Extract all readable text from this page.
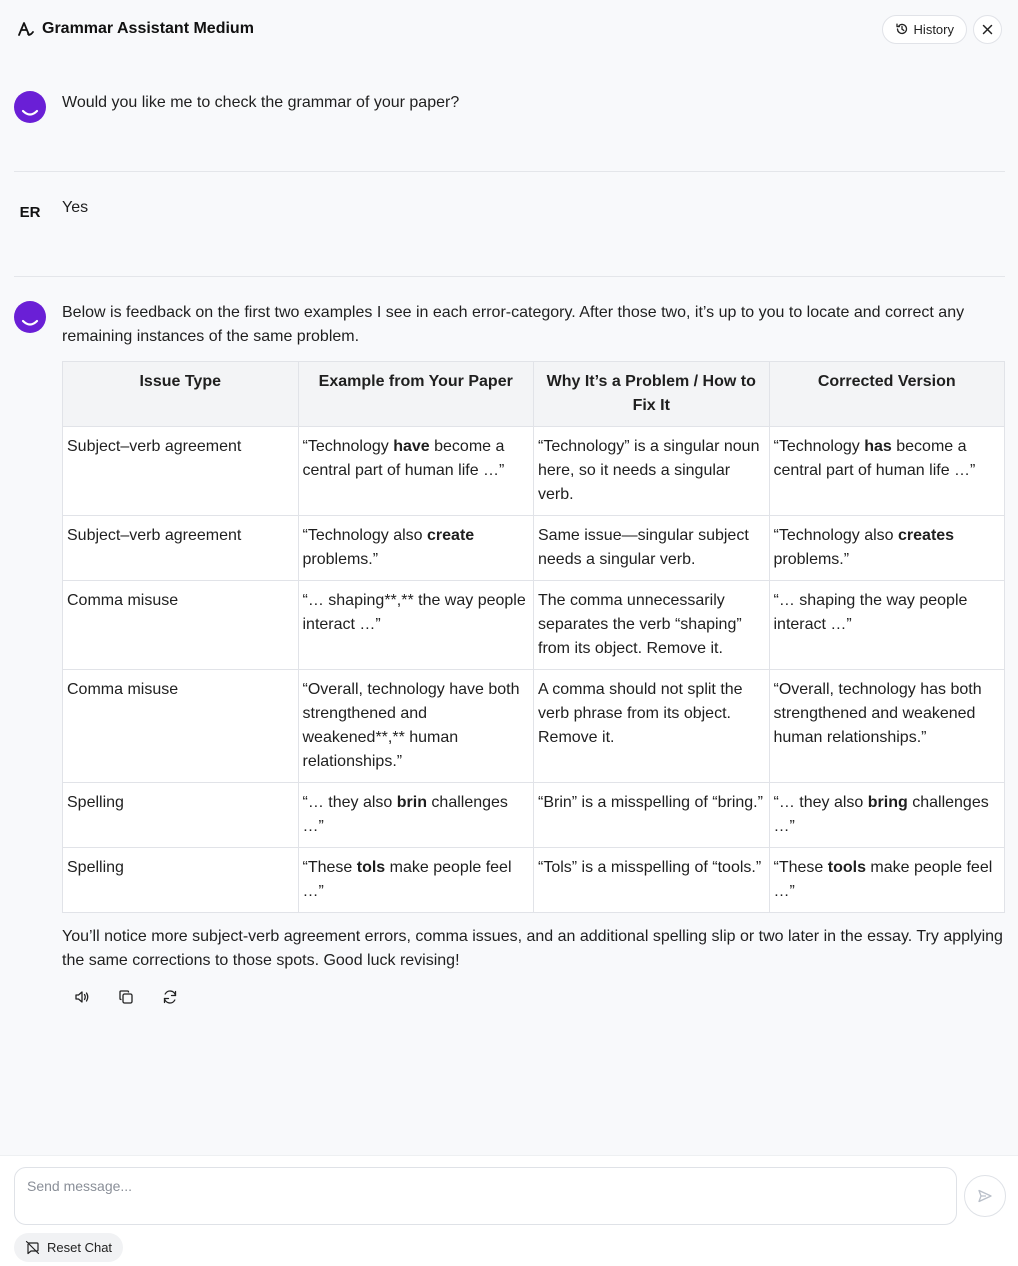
Grammar Assistant Medium	History
Would you like me to check the grammar of your paper?
ER	Yes
Below is feedback on the first two examples I see in each error-category. After those two, it’s up to you to locate and correct any remaining instances of the same problem.
Issue Type	Example from Your Paper	Why It’s a Problem / How to Fix It	Corrected Version
Subject–verb agreement	“Technology have become a central part of human life …”	“Technology” is a singular noun here, so it needs a singular verb.	“Technology has become a central part of human life …”
Subject–verb agreement	“Technology also create problems.”	Same issue—singular subject needs a singular verb.	“Technology also creates problems.”
Comma misuse	“… shaping**,** the way people interact …”	The comma unnecessarily separates the verb “shaping” from its object. Remove it.	“… shaping the way people interact …”
Comma misuse	“Overall, technology have both strengthened and weakened**,** human relationships.”	A comma should not split the verb phrase from its object. Remove it.	“Overall, technology has both strengthened and weakened human relationships.”
Spelling	“… they also brin challenges …”	“Brin” is a misspelling of “bring.”	“… they also bring challenges …”
Spelling	“These tols make people feel …”	“Tols” is a misspelling of “tools.”	“These tools make people feel …”
You’ll notice more subject-verb agreement errors, comma issues, and an additional spelling slip or two later in the essay. Try applying the same corrections to those spots. Good luck revising!
Send message...
Reset Chat
